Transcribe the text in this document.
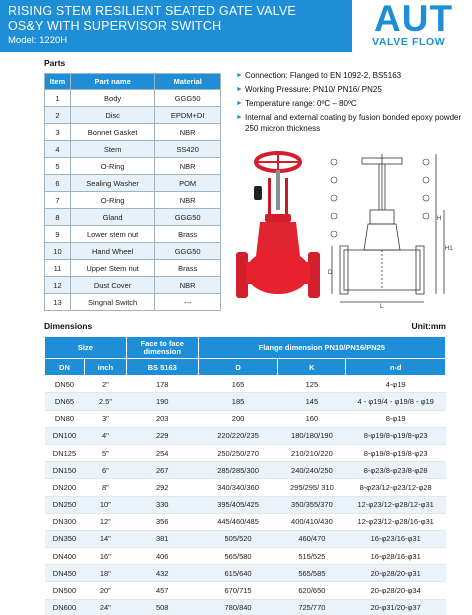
RISING STEM RESILIENT SEATED GATE VALVE
OS&Y WITH SUPERVISOR SWITCH
Model: 1220H
AUT
VALVE FLOW
Parts
Item	Part name	Material
1	Body	GGG50
2	Disc	EPDM+DI
3	Bonnet Gasket	NBR
4	Stem	SS420
5	O-Ring	NBR
6	Sealing Washer	POM
7	O-Ring	NBR
8	Gland	GGG50
9	Lower stem nut	Brass
10	Hand Wheel	GGG50
11	Upper Stem nut	Brass
12	Dust Cover	NBR
13	Singnal Switch	---
► Connection: Flanged to EN 1092-2, BS5163
► Working Pressure: PN10/ PN16/ PN25
► Temperature range: 0ºC – 80ºC
► Internal and external coating by fusion bonded epoxy powder 250 micron thickness
H
H1
D
L
Dimensions	Unit:mm
Size		Face to face dimension	Flange dimension PN10/PN16/PN25		
DN	inch	BS 5163	D	K	n-d
DN50	2"	178	165	125	4-φ19
DN65	2.5"	190	185	145	4 - φ19/4 - φ19/8 - φ19
DN80	3"	203	200	160	8-φ19
DN100	4"	229	220/220/235	180/180/190	8-φ19/8-φ19/8-φ23
DN125	5"	254	250/250/270	210/210/220	8-φ19/8-φ19/8-φ23
DN150	6"	267	285/285/300	240/240/250	8-φ23/8-φ23/8-φ28
DN200	8"	292	340/340/360	295/295/ 310	8-φ23/12-φ23/12-φ28
DN250	10"	330	395/405/425	350/355/370	12-φ23/12-φ28/12-φ31
DN300	12"	356	445/460/485	400/410/430	12-φ23/12-φ28/16-φ31
DN350	14"	381	505/520	460/470	16-φ23/16-φ31
DN400	16"	406	565/580	515/525	16-φ28/16-φ31
DN450	18"	432	615/640	565/585	20-φ28/20-φ31
DN500	20"	457	670/715	620/650	20-φ28/20-φ34
DN600	24"	508	780/840	725/770	20-φ31/20-φ37
